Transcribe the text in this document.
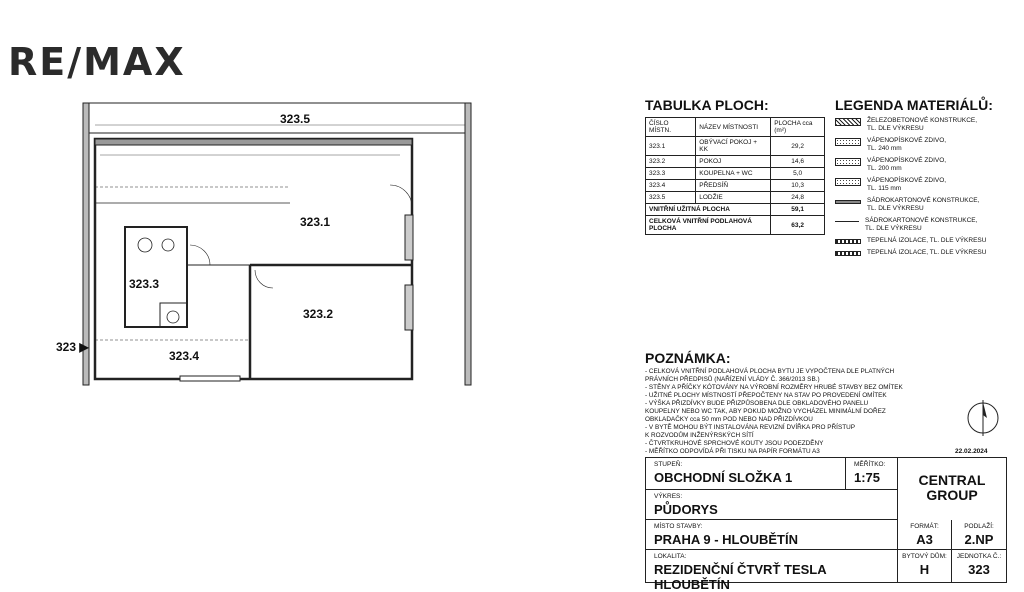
RE/MAX
323.5
323.1
323.2
323.3
323.4
323 ▶
TABULKA PLOCH:
ČÍSLO MÍSTN.	NÁZEV MÍSTNOSTI	PLOCHA cca (m²)
323.1	OBÝVACÍ POKOJ + KK	29,2
323.2	POKOJ	14,6
323.3	KOUPELNA + WC	5,0
323.4	PŘEDSÍŇ	10,3
323.5	LODŽIE	24,8
VNITŘNÍ UŽITNÁ PLOCHA		59,1
CELKOVÁ VNITŘNÍ PODLAHOVÁ PLOCHA		63,2
LEGENDA MATERIÁLŮ:
ŽELEZOBETONOVÉ KONSTRUKCE,
TL. DLE VÝKRESU
VÁPENOPÍSKOVÉ ZDIVO,
TL. 240 mm
VÁPENOPÍSKOVÉ ZDIVO,
TL. 200 mm
VÁPENOPÍSKOVÉ ZDIVO,
TL. 115 mm
SÁDROKARTONOVÉ KONSTRUKCE,
TL. DLE VÝKRESU
SÁDROKARTONOVÉ KONSTRUKCE,
TL. DLE VÝKRESU
TEPELNÁ IZOLACE, TL. DLE VÝKRESU
TEPELNÁ IZOLACE, TL. DLE VÝKRESU
POZNÁMKA:
- CELKOVÁ VNITŘNÍ PODLAHOVÁ PLOCHA BYTU JE VYPOČTENA DLE PLATNÝCH
PRÁVNÍCH PŘEDPISŮ (NAŘÍZENÍ VLÁDY Č. 366/2013 SB.)
- STĚNY A PŘÍČKY KÓTOVÁNY NA VÝROBNÍ ROZMĚRY HRUBÉ STAVBY BEZ OMÍTEK
- UŽITNÉ PLOCHY MÍSTNOSTÍ PŘEPOČTENY NA STAV PO PROVEDENÍ OMÍTEK
- VÝŠKA PŘIZDÍVKY BUDE PŘIZPŮSOBENA DLE OBKLADOVÉHO PANELU
KOUPELNY NEBO WC TAK, ABY POKUD MOŽNO VYCHÁZEL MINIMÁLNÍ DOŘEZ
OBKLADAČKY cca 50 mm POD NEBO NAD PŘIZDÍVKOU
- V BYTĚ MOHOU BÝT INSTALOVÁNA REVIZNÍ DVÍŘKA PRO PŘÍSTUP
K ROZVODŮM INŽENÝRSKÝCH SÍTÍ
- ČTVRTKRUHOVÉ SPRCHOVÉ KOUTY JSOU PODEZDĚNY
- MĚŘÍTKO ODPOVÍDÁ PŘI TISKU NA PAPÍR FORMÁTU A3	22.02.2024
STUPEŇ:
OBCHODNÍ SLOŽKA 1
MĚŘÍTKO:
1:75	CENTRAL
GROUP
VÝKRES:
PŮDORYS
MÍSTO STAVBY:
PRAHA 9 - HLOUBĚTÍN
FORMÁT:
A3
PODLAŽÍ:
2.NP
LOKALITA:
REZIDENČNÍ ČTVRŤ TESLA HLOUBĚTÍN
BYTOVÝ DŮM:
H
JEDNOTKA Č.:
323
